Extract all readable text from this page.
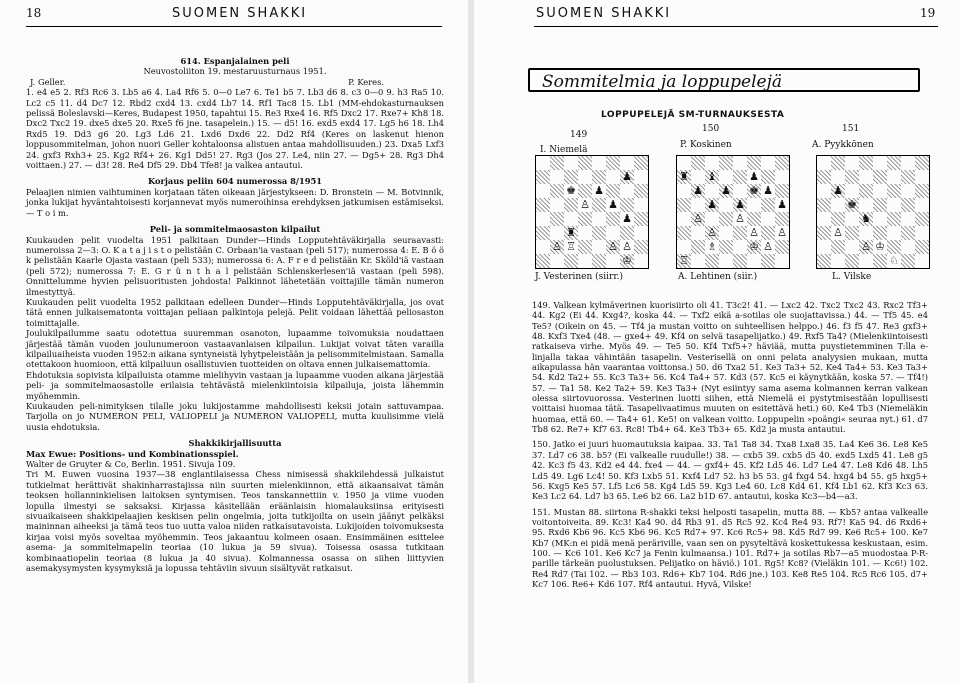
18	SUOMEN SHAKKI

614. Espanjalainen peli

Neuvostoliiton 19. mestaruusturnaus 1951.

J. Geller.	P. Keres.

1. e4 e5 2. Rf3 Rc6 3. Lb5 a6 4. La4 Rf6 5. 0—0 Le7 6. Te1 b5 7. Lb3 d6 8. c3 0—0 9. h3 Ra5 10. Lc2 c5 11. d4 Dc7 12. Rbd2 cxd4 13. cxd4 Lb7 14. Rf1 Tac8 15. Lb1 (MM-ehdokasturnauksen pelissä Boleslavski—Keres, Budapest 1950, tapahtui 15. Re3 Rxe4 16. Rf5 Dxc2 17. Rxe7+ Kh8 18. Dxc2 Txc2 19. dxe5 dxe5 20. Rxe5 f6 jne. tasapelein.) 15. — d5! 16. exd5 exd4 17. Lg5 h6 18. Lh4 Rxd5 19. Dd3 g6 20. Lg3 Ld6 21. Lxd6 Dxd6 22. Dd2 Rf4 (Keres on laskenut hienon loppusommitelman, johon nuori Geller kohtaloonsa alistuen antaa mahdollisuuden.) 23. Dxa5 Lxf3 24. gxf3 Rxh3+ 25. Kg2 Rf4+ 26. Kg1 Dd5! 27. Rg3 (Jos 27. Le4, niin 27. — Dg5+ 28. Rg3 Dh4 voittaen.) 27. — d3! 28. Re4 Df5 29. Db4 Tfe8! ja valkea antautui.

Korjaus peliin 604 numerossa 8/1951

Pelaajien nimien vaihtuminen korjataan täten oikeaan järjestykseen: D. Bronstein — M. Botvinnik, jonka lukijat hyväntahtoisesti korjannevat myös numeroihinsa erehdyksen jatkumisen estämiseksi. — T o i m.

Peli- ja sommitelmaosaston kilpailut

Kuukauden pelit vuodelta 1951 palkitaan Dunder—Hinds Lopputehtäväkirjalla seuraavasti: numeroissa 2—3: O. K a t a j i s t o pelistään C. Orbaan'ia vastaan (peli 517); numerossa 4: E. B ö ö k pelistään Kaarle Ojasta vastaan (peli 533); numerossa 6: A. F r e d pelistään Kr. Sköld'iä vastaan (peli 572); numerossa 7: E. G r ü n t h a l pelistään Schlenskerlesen'iä vastaan (peli 598). Onnittelumme hyvien pelisuoritusten johdosta! Palkinnot lähetetään voittajille tämän numeron ilmestyttyä.

Kuukauden pelit vuodelta 1952 palkitaan edelleen Dunder—Hinds Lopputehtäväkirjalla, jos ovat tätä ennen julkaisematonta voittajan peliaan palkintoja pelejä. Pelit voidaan lähettää peliosaston toimittajalle.

Joulukilpailumme saatu odotettua suuremman osanoton, lupaamme toivomuksia noudattaen järjestää tämän vuoden joulunumeroon vastaavanlaisen kilpailun. Lukijat voivat täten varailla kilpailuaiheista vuoden 1952:n aikana syntyneistä lyhytpeleistään ja pelisommitelmistaan. Samalla otettakoon huomioon, että kilpailuun osallistuvien tuotteiden on oltava ennen julkaisemattomia.

Ehdotuksia sopivista kilpailuista otamme mielihyvin vastaan ja lupaamme vuoden aikana järjestää peli- ja sommitelmaosastolle erilaisia tehtävästä mielenkiintoisia kilpailuja, joista lähemmin myöhemmin.

Kuukauden peli-nimityksen tilalle joku lukijostamme mahdollisesti keksii jotain sattuvampaa. Tarjolla on jo NUMERON PELI, VALIOPELI ja NUMERON VALIOPELI, mutta kuulisimme vielä uusia ehdotuksia.

Shakkikirjallisuutta

Max Ewue: Positions- und Kombinationsspiel.

Walter de Gruyter & Co, Berlin. 1951. Sivuja 109.

Tri M. Euwen vuosina 1937—38 englantilaisessa Chess nimisessä shakkilehdessä julkaistut tutkielmat herättivät shakinharrastajissa niin suurten mielenkiinnon, että aikaansaivat tämän teoksen hollanninkielisen laitoksen syntymisen. Teos tanskannettiin v. 1950 ja viime vuoden lopulla ilmestyi se saksaksi. Kirjassa käsitellään eräänlaisin hiomalauksiinsa erityisesti sivuaikaiseen shakkipelaajien keskisen pelin ongelmia, joita tutkijoilta on usein jäänyt pelkäksi maininnan aiheeksi ja tämä teos tuo uutta valoa niiden ratkaisutavoista. Lukijoiden toivomuksesta kirjaa voisi myös soveltaa myöhemmin. Teos jakaantuu kolmeen osaan. Ensimmäinen esittelee asema- ja sommitelmapelin teoriaa (10 lukua ja 59 sivua). Toisessa osassa tutkitaan kombinaatiopelin teoriaa (8 lukua ja 40 sivua). Kolmannessa osassa on siihen liittyvien asemakysymysten kysymyksiä ja lopussa tehtäviin sivuun sisältyvät ratkaisut.

SUOMEN SHAKKI	19
Sommitelmia ja loppupelejä
LOPPUPELEJÄ SM-TURNAUKSESTA
149
I. Niemelä
150
P. Koskinen
151
A. Pyykkönen
♟
♚ ♟
♙ ♟
♟
♜
♙ ♖	♙ ♙
♔
♜ ♝	♟
♟ ♟ ♚ ♟
♟ ♟	♟
♙	♙
♙	♙ ♙
♗	♔ ♙
♖
♟
♚
♞
♙
♙ ♔
♘
J. Vesterinen (siirr.)	A. Lehtinen (siir.)	L. Vilske

149. Valkean kylmäverinen kuorisiirto oli 41. T3c2! 41. — Lxc2 42. Txc2 Txc2 43. Rxc2 Tf3+ 44. Kg2 (Ei 44. Kxg4?, koska 44. — Txf2 eikä a-sotilas ole suojattavissa.) 44. — Tf5 45. e4 Te5? (Oikein on 45. — Tf4 ja mustan voitto on suhteellisen helppo.) 46. f3 f5 47. Re3 gxf3+ 48. Kxf3 Txe4 (48. — gxe4+ 49. Kf4 on selvä tasapelijatko.) 49. Rxf5 Ta4? (Mielenkiintoisesti ratkaiseva virhe. Myös 49. — Te5 50. Kf4 Txf5+? häviää, mutta puystietemminen T:lla e-linjalla takaa vähintään tasapelin. Vesterisellä on onni pelata analyysien mukaan, mutta aikapulassa hän vaarantaa voittonsa.) 50. d6 Txa2 51. Ke3 Ta3+ 52. Ke4 Ta4+ 53. Ke3 Ta3+ 54. Kd2 Ta2+ 55. Kc3 Ta3+ 56. Kc4 Ta4+ 57. Kd3 (57. Kc5 ei käynytkään, koska 57. — Tf4!) 57. — Ta1 58. Ke2 Ta2+ 59. Ke3 Ta3+ (Nyt esiintyy sama asema kolmannen kerran valkean olessa siirtovuorossa. Vesterinen luotti siihen, että Niemelä ei pystytmisestään lopullisesti voittaisi huomaa tätä. Tasapelivaatimus muuten on esitettävä heti.) 60. Ke4 Tb3 (Niemeläkin huomaa, että 60. — Ta4+ 61. Ke5! on valkean voitto. Loppupelin »poängi« seuraa nyt.) 61. d7 Tb8 62. Re7+ Kf7 63. Rc8! Tb4+ 64. Ke3 Tb3+ 65. Kd2 ja musta antautui.

150. Jatko ei juuri huomautuksia kaipaa. 33. Ta1 Ta8 34. Txa8 Lxa8 35. La4 Ke6 36. Le8 Ke5 37. Ld7 c6 38. b5? (Ei valkealle ruudulle!) 38. — cxb5 39. cxb5 d5 40. exd5 Lxd5 41. Le8 g5 42. Kc3 f5 43. Kd2 e4 44. fxe4 — 44. — gxf4+ 45. Kf2 Ld5 46. Ld7 Le4 47. Le8 Kd6 48. Lh5 Ld5 49. Lg6 Lc4! 50. Kf3 Lxb5 51. Kxf4 Ld7 52. h3 b5 53. g4 fxg4 54. hxg4 b4 55. g5 hxg5+ 56. Kxg5 Ke5 57. Lf5 Lc6 58. Kg4 Ld5 59. Kg3 Le4 60. Lc8 Kd4 61. Kf4 Lb1 62. Kf3 Kc3 63. Ke3 Lc2 64. Ld7 b3 65. Le6 b2 66. La2 b1D 67. antautui, koska Kc3—b4—a3.

151. Mustan 88. siirtona R-shakki teksi helposti tasapelin, mutta 88. — Kb5? antaa valkealle voitontoiveita. 89. Kc3! Ka4 90. d4 Rb3 91. d5 Rc5 92. Kc4 Re4 93. Rf7! Ka5 94. d6 Rxd6+ 95. Rxd6 Kb6 96. Kc5 Kb6 96. Kc5 Rd7+ 97. Kc6 Rc5+ 98. Kd5 Rd7 99. Ke6 Rc5+ 100. Ke7 Kb7 (MK:n ei pidä menä peräriville, vaan sen on pysyteltävä koskettukessa keskustaan, esim. 100. — Kc6 101. Ke6 Kc7 ja Fenin kulmaansa.) 101. Rd7+ ja sotilas Rb7—a5 muodostaa P-R-parille tärkeän puolustuksen. Pelijatko on häviö.) 101. Rg5! Kc8? (Vieläkin 101. — Kc6!) 102. Re4 Rd7 (Tai 102. — Rb3 103. Rd6+ Kb7 104. Rd6 jne.) 103. Ke8 Re5 104. Rc5 Rc6 105. d7+ Kc7 106. Re6+ Kd6 107. Rf4 antautui. Hyvä, Vilske!
